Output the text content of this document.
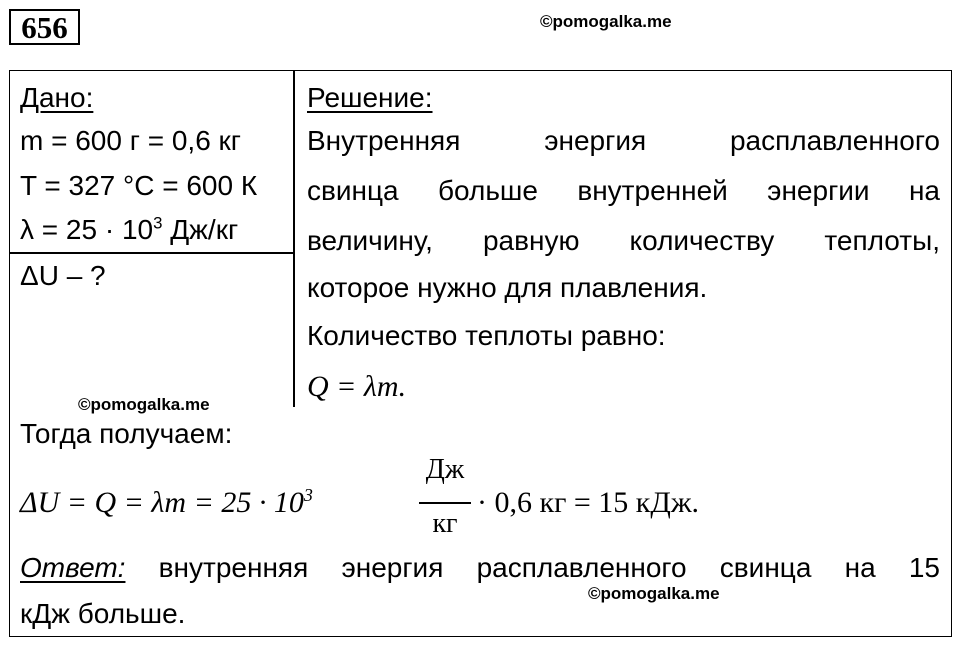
656	©pomogalka.me
Дано:
m = 600 г = 0,6 кг
T = 327 °С = 600 К
$\lambda = 25 \cdot 10^3$ Дж/кг
ΔU – ?
©pomogalka.me
Решение:
Внутренняя энергия расплавленного
свинца больше внутренней энергии на
величину, равную количеству теплоты,
которое нужно для плавления.
Количество теплоты равно:
Q = λm.
Тогда получаем:
$\Delta U = Q = \lambda m = 25 \cdot 10^3$
Дж
кг
· 0,6 кг = 15 кДж.
Ответ: внутренняя энергия расплавленного свинца на 15
кДж больше.
©pomogalka.me
